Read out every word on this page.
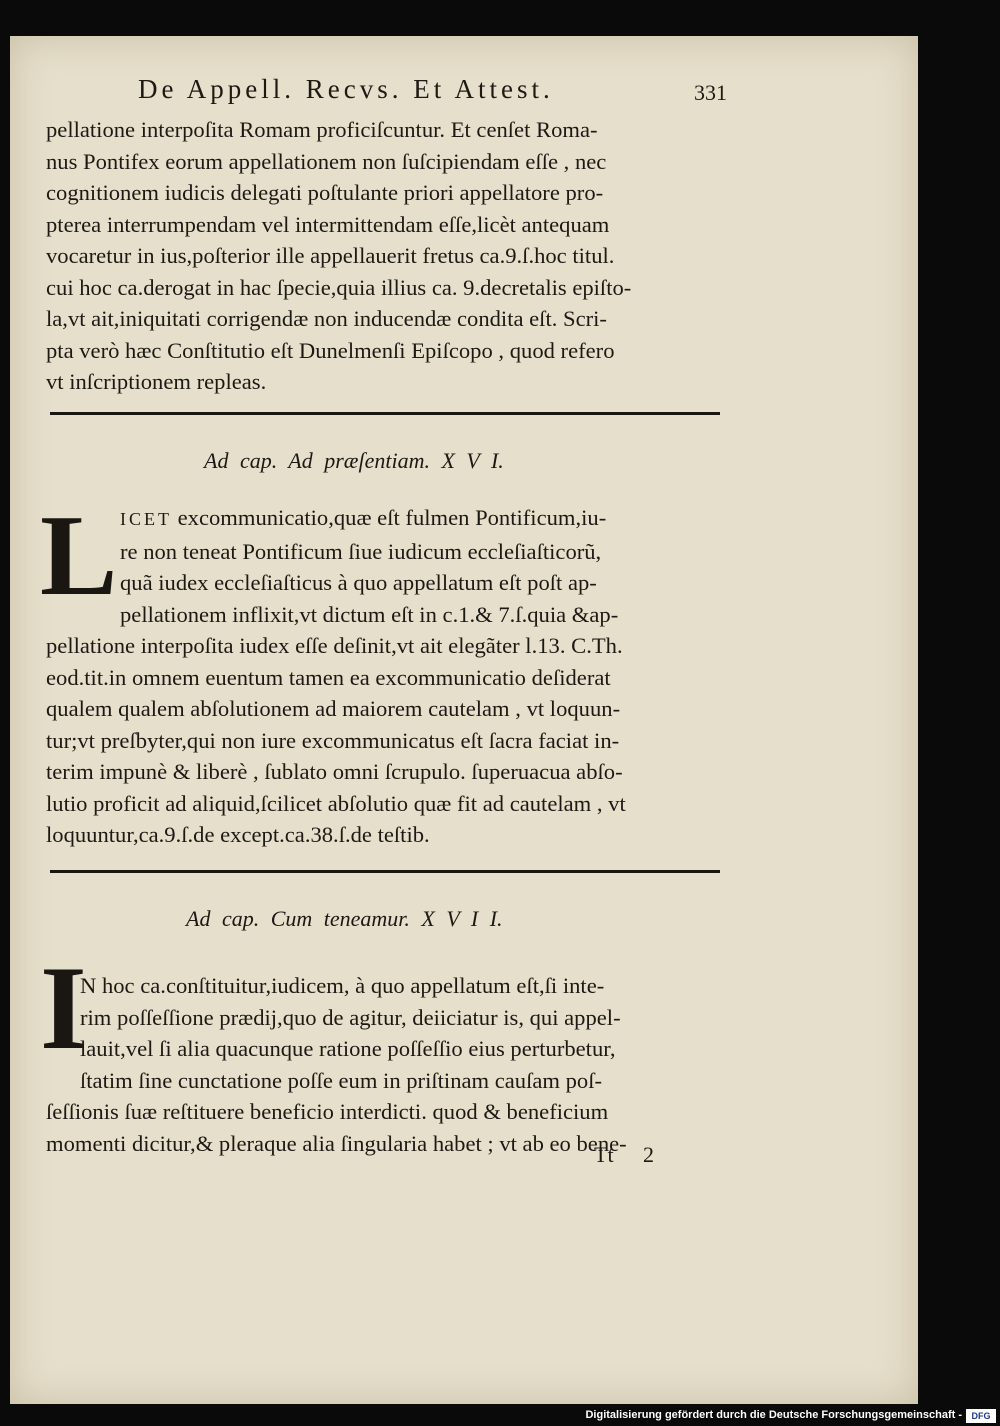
De Appell. Recvs. Et Attest.	331

pellatione interpoſita Romam proficiſcuntur. Et cenſet Roma-

nus Pontifex eorum appellationem non ſuſcipiendam eſſe , nec

cognitionem iudicis delegati poſtulante priori appellatore pro-

pterea interrumpendam vel intermittendam eſſe,licèt antequam

vocaretur in ius,poſterior ille appellauerit fretus ca.9.ſ.hoc titul.

cui hoc ca.derogat in hac ſpecie,quia illius ca. 9.decretalis epiſto-

la,vt ait,iniquitati corrigendæ non inducendæ condita eſt. Scri-

pta verò hæc Conſtitutio eſt Dunelmenſi Epiſcopo , quod refero

vt inſcriptionem repleas.

Ad cap. Ad præſentiam. X V I.
L ICET excommunicatio,quæ eſt fulmen Pontificum,iu-

re non teneat Pontificum ſiue iudicum eccleſiaſticorũ,

quã iudex eccleſiaſticus à quo appellatum eſt poſt ap-

pellationem inflixit,vt dictum eſt in c.1.& 7.ſ.quia &ap-

pellatione interpoſita iudex eſſe deſinit,vt ait elegãter l.13. C.Th.

eod.tit.in omnem euentum tamen ea excommunicatio deſiderat

qualem qualem abſolutionem ad maiorem cautelam , vt loquun-

tur;vt preſbyter,qui non iure excommunicatus eſt ſacra faciat in-

terim impunè & liberè , ſublato omni ſcrupulo. ſuperuacua abſo-

lutio proficit ad aliquid,ſcilicet abſolutio quæ fit ad cautelam , vt

loquuntur,ca.9.ſ.de except.ca.38.ſ.de teſtib.

Ad cap. Cum teneamur. X V I I.
I

N hoc ca.conſtituitur,iudicem, à quo appellatum eſt,ſi inte-

rim poſſeſſione prædij,quo de agitur, deiiciatur is, qui appel-

lauit,vel ſi alia quacunque ratione poſſeſſio eius perturbetur,

ſtatim ſine cunctatione poſſe eum in priſtinam cauſam poſ-

ſeſſionis ſuæ reſtituere beneficio interdicti. quod & beneficium

momenti dicitur,& pleraque alia ſingularia habet ; vt ab eo bene-

Tt 2
Digitalisierung gefördert durch die Deutsche Forschungsgemeinschaft -	DFG
